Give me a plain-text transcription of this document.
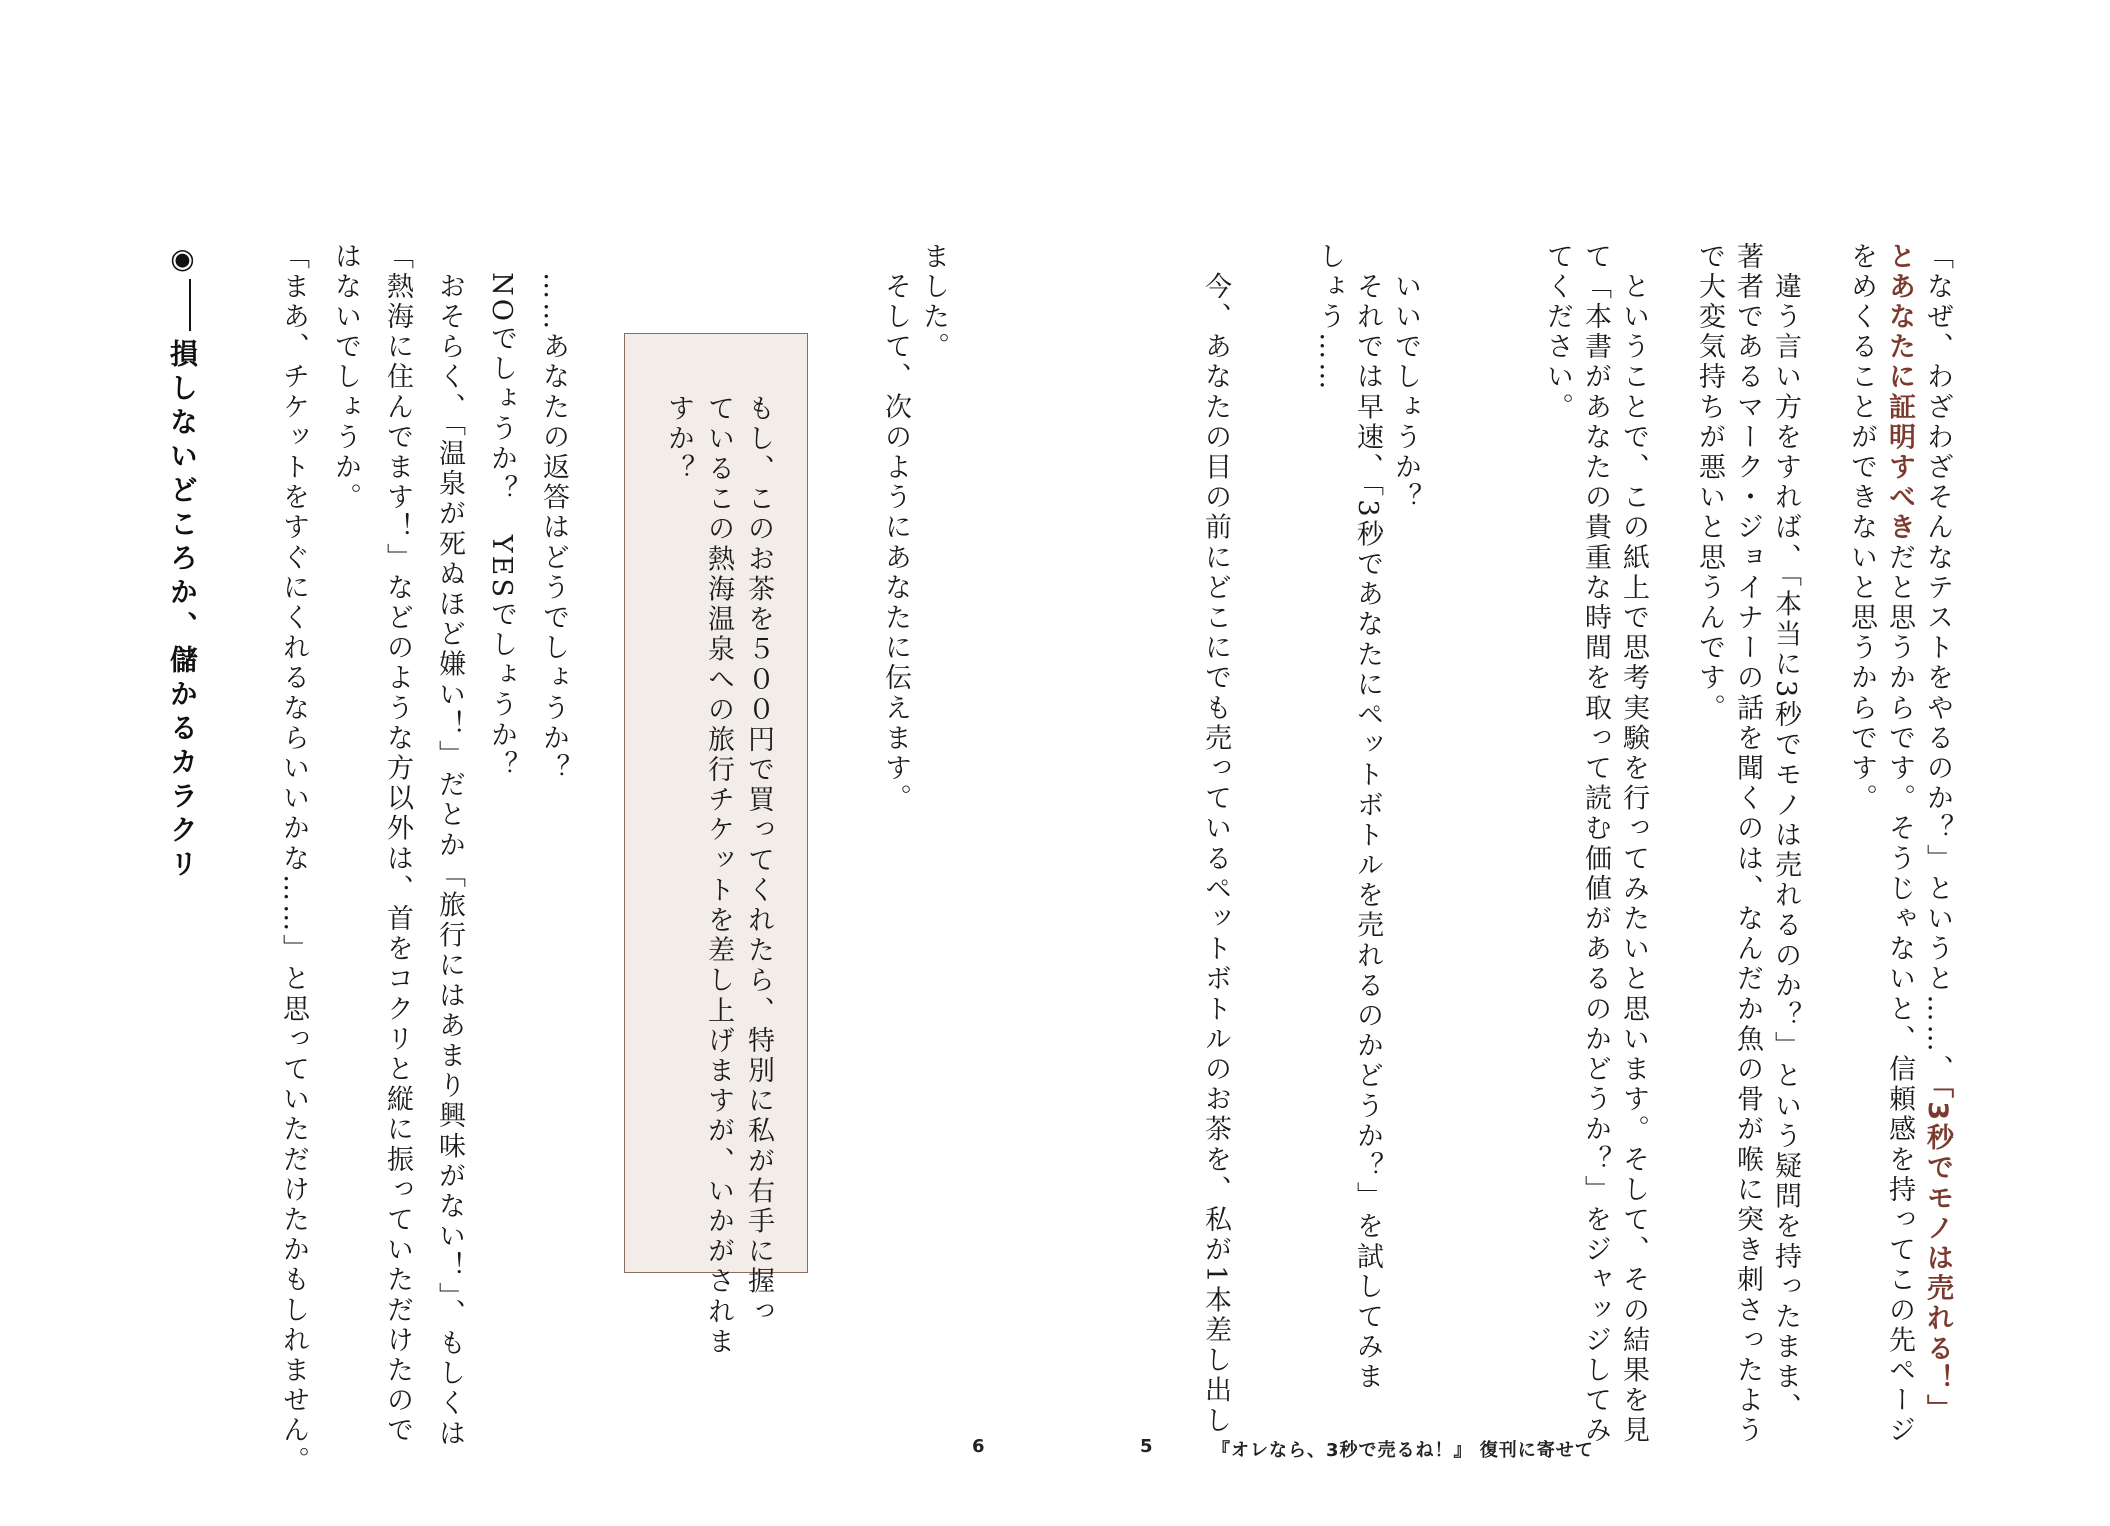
「なぜ、わざわざそんなテストをやるのか？」というと……、「3秒でモノは売れる！」
とあなたに証明すべきだと思うからです。そうじゃないと、信頼感を持ってこの先ページ
をめくることができないと思うからです。
　違う言い方をすれば、「本当に3秒でモノは売れるのか？」という疑問を持ったまま、
著者であるマーク・ジョイナーの話を聞くのは、なんだか魚の骨が喉に突き刺さったよう
で大変気持ちが悪いと思うんです。
　ということで、この紙上で思考実験を行ってみたいと思います。そして、その結果を見
て「本書があなたの貴重な時間を取って読む価値があるのかどうか？」をジャッジしてみ
てください。
　いいでしょうか？
　それでは早速、「3秒であなたにペットボトルを売れるのかどうか？」を試してみま
しょう……
　今、あなたの目の前にどこにでも売っているペットボトルのお茶を、私が1本差し出し
ました。
　そして、次のようにあなたに伝えます。
もし、このお茶を５００円で買ってくれたら、特別に私が右手に握っ
ているこの熱海温泉への旅行チケットを差し上げますが、いかがされま
すか？
　……あなたの返答はどうでしょうか？
　NOでしょうか？　YESでしょうか？
　おそらく、「温泉が死ぬほど嫌い！」だとか「旅行にはあまり興味がない！」、もしくは
「熱海に住んでます！」などのような方以外は、首をコクリと縦に振っていただけたので
はないでしょうか。
「まあ、チケットをすぐにくれるならいいかな……」と思っていただけたかもしれません。
◉損しないどころか、儲かるカラクリ
6	5	『オレなら、3秒で売るね！』 復刊に寄せて
